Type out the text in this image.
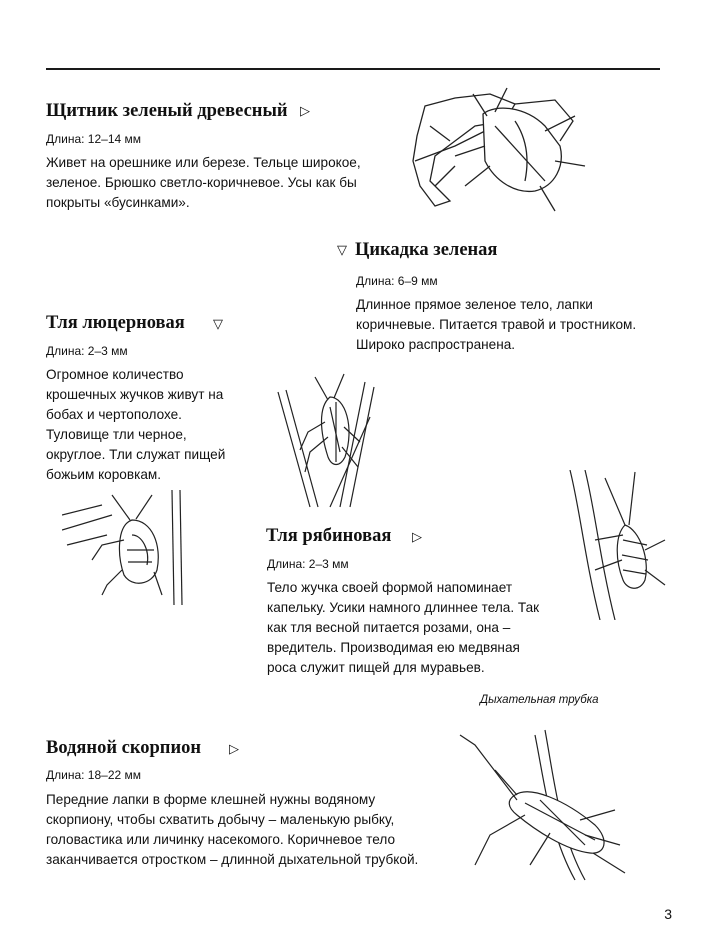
Щитник зеленый древесный ▷
Длина: 12–14 мм
Живет на орешнике или березе. Тельце широкое, зеленое. Брюшко светло-коричневое. Усы как бы покрыты «бусинками».
▽ Цикадка зеленая
Длина: 6–9 мм
Длинное прямое зеленое тело, лапки коричневые. Питается травой и тростником. Широко распространена.
Тля люцерновая ▽
Длина: 2–3 мм
Огромное количество крошечных жучков живут на бобах и чертополохе. Туловище тли черное, округлое. Тли служат пищей божьим коровкам.
Тля рябиновая ▷
Длина: 2–3 мм
Тело жучка своей формой напоминает капельку. Усики намного длиннее тела. Так как тля весной питается розами, она – вредитель. Производимая ею медвяная роса служит пищей для муравьев.
Дыхательная трубка
Водяной скорпион ▷
Длина: 18–22 мм
Передние лапки в форме клешней нужны водяному скорпиону, чтобы схватить добычу – маленькую рыбку, головастика или личинку насекомого. Коричневое тело заканчивается отростком – длинной дыхательной трубкой.
3
